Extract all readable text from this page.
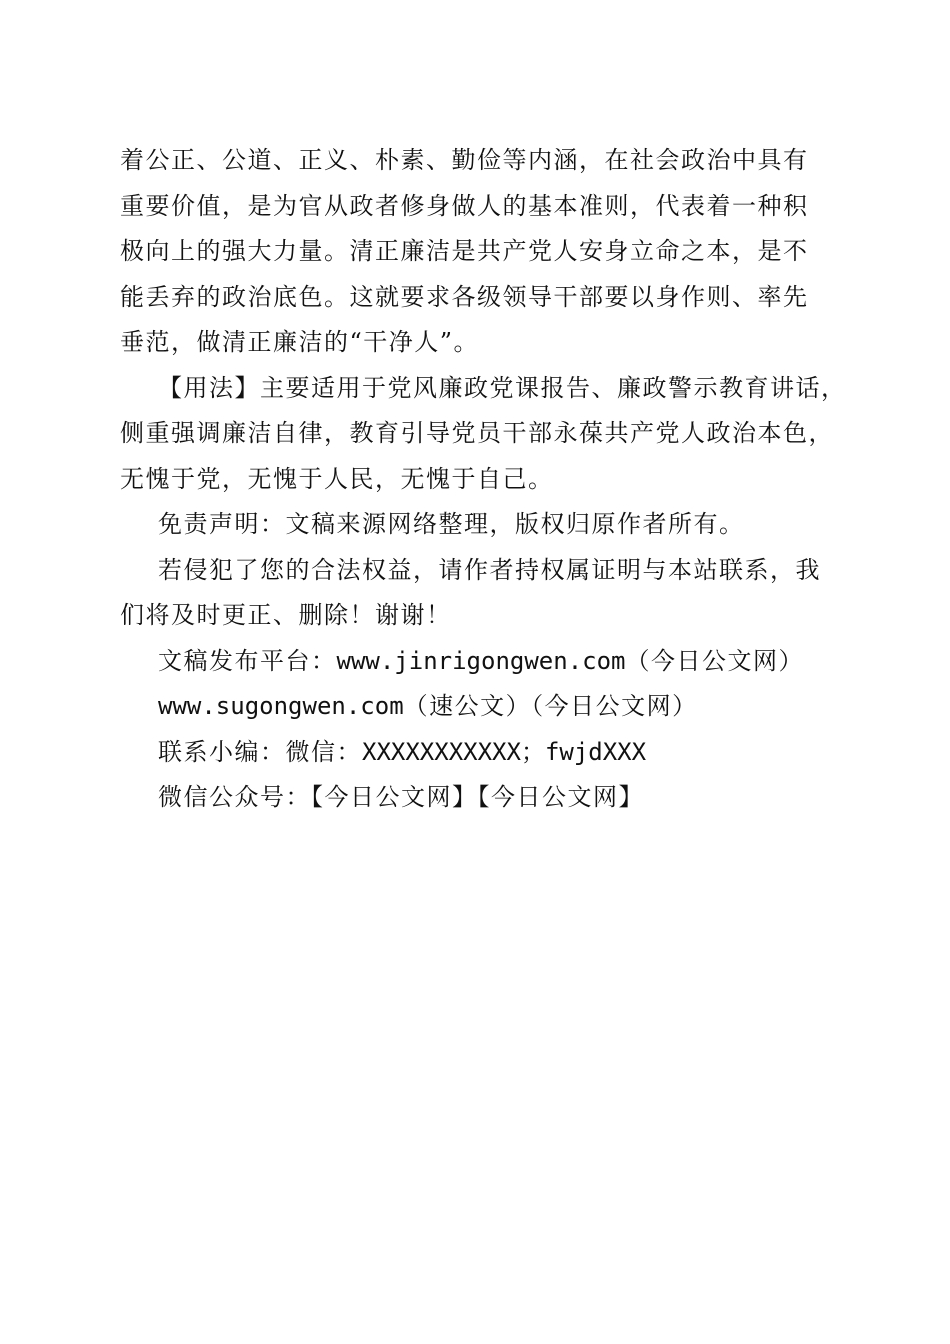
着公正、公道、正义、朴素、勤俭等内涵，在社会政治中具有
重要价值，是为官从政者修身做人的基本准则，代表着一种积
极向上的强大力量。清正廉洁是共产党人安身立命之本，是不
能丢弃的政治底色。这就要求各级领导干部要以身作则、率先
垂范，做清正廉洁的“干净人”。
【用法】主要适用于党风廉政党课报告、廉政警示教育讲话，
侧重强调廉洁自律，教育引导党员干部永葆共产党人政治本色，
无愧于党，无愧于人民，无愧于自己。
免责声明：文稿来源网络整理，版权归原作者所有。
若侵犯了您的合法权益，请作者持权属证明与本站联系，我
们将及时更正、删除！谢谢！
文稿发布平台：www.jinrigongwen.com（今日公文网）
www.sugongwen.com（速公文）（今日公文网）
联系小编：微信：XXXXXXXXXXX；fwjdXXX
微信公众号：【今日公文网】【今日公文网】
